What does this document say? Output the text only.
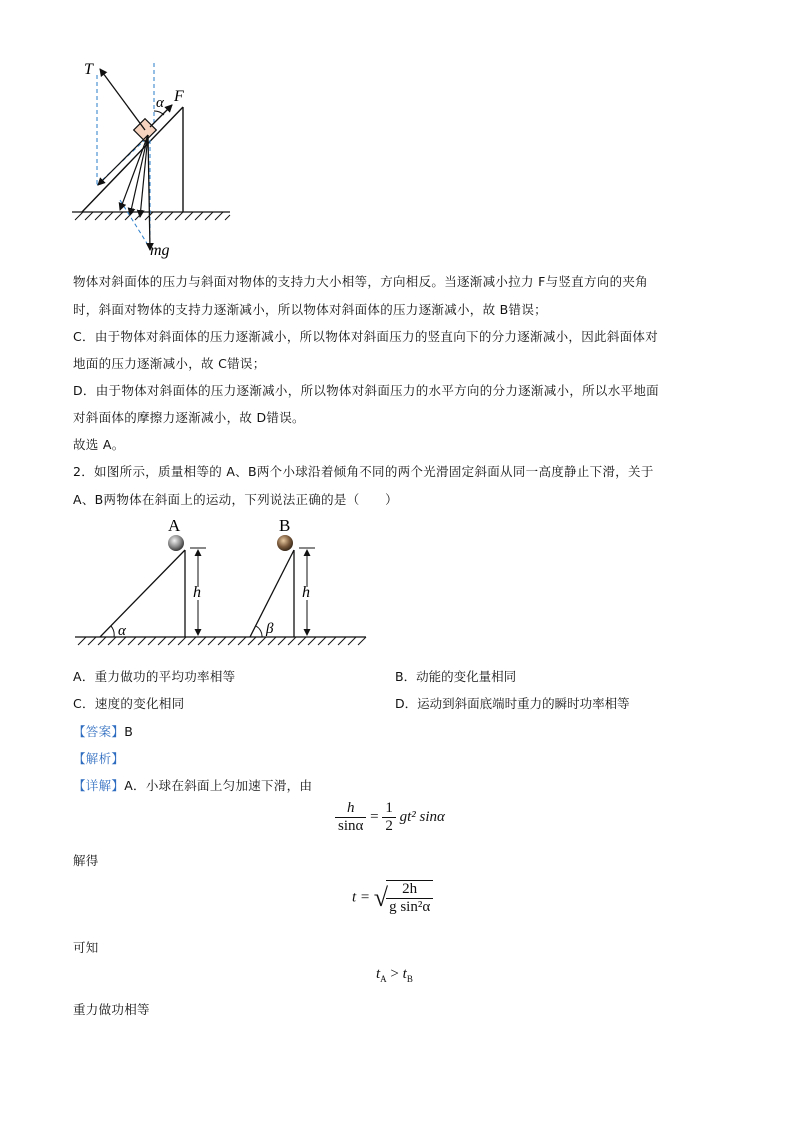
T
F
α
mg
物体对斜面体的压力与斜面对物体的支持力大小相等，方向相反。当逐渐减小拉力 F与竖直方向的夹角
时，斜面对物体的支持力逐渐减小，所以物体对斜面体的压力逐渐减小，故 B错误；
C．由于物体对斜面体的压力逐渐减小，所以物体对斜面压力的竖直向下的分力逐渐减小，因此斜面体对
地面的压力逐渐减小，故 C错误；
D．由于物体对斜面体的压力逐渐减小，所以物体对斜面压力的水平方向的分力逐渐减小，所以水平地面
对斜面体的摩擦力逐渐减小，故 D错误。
故选 A。
2．如图所示，质量相等的 A、B两个小球沿着倾角不同的两个光滑固定斜面从同一高度静止下滑，关于
A、B两物体在斜面上的运动，下列说法正确的是（　　）
A	B
h	h
α	β
A．重力做功的平均功率相等	B．动能的变化量相同
C．速度的变化相同	D．运动到斜面底端时重力的瞬时功率相等
【答案】B
【解析】
【详解】A．小球在斜面上匀加速下滑，由
$\frac{h}{\sin\alpha} = \frac{1}{2} gt^2$ sinα
解得
t = √
$\frac{2h}{\text{g sin²α}}$
可知
$t_A > t_B$
重力做功相等
